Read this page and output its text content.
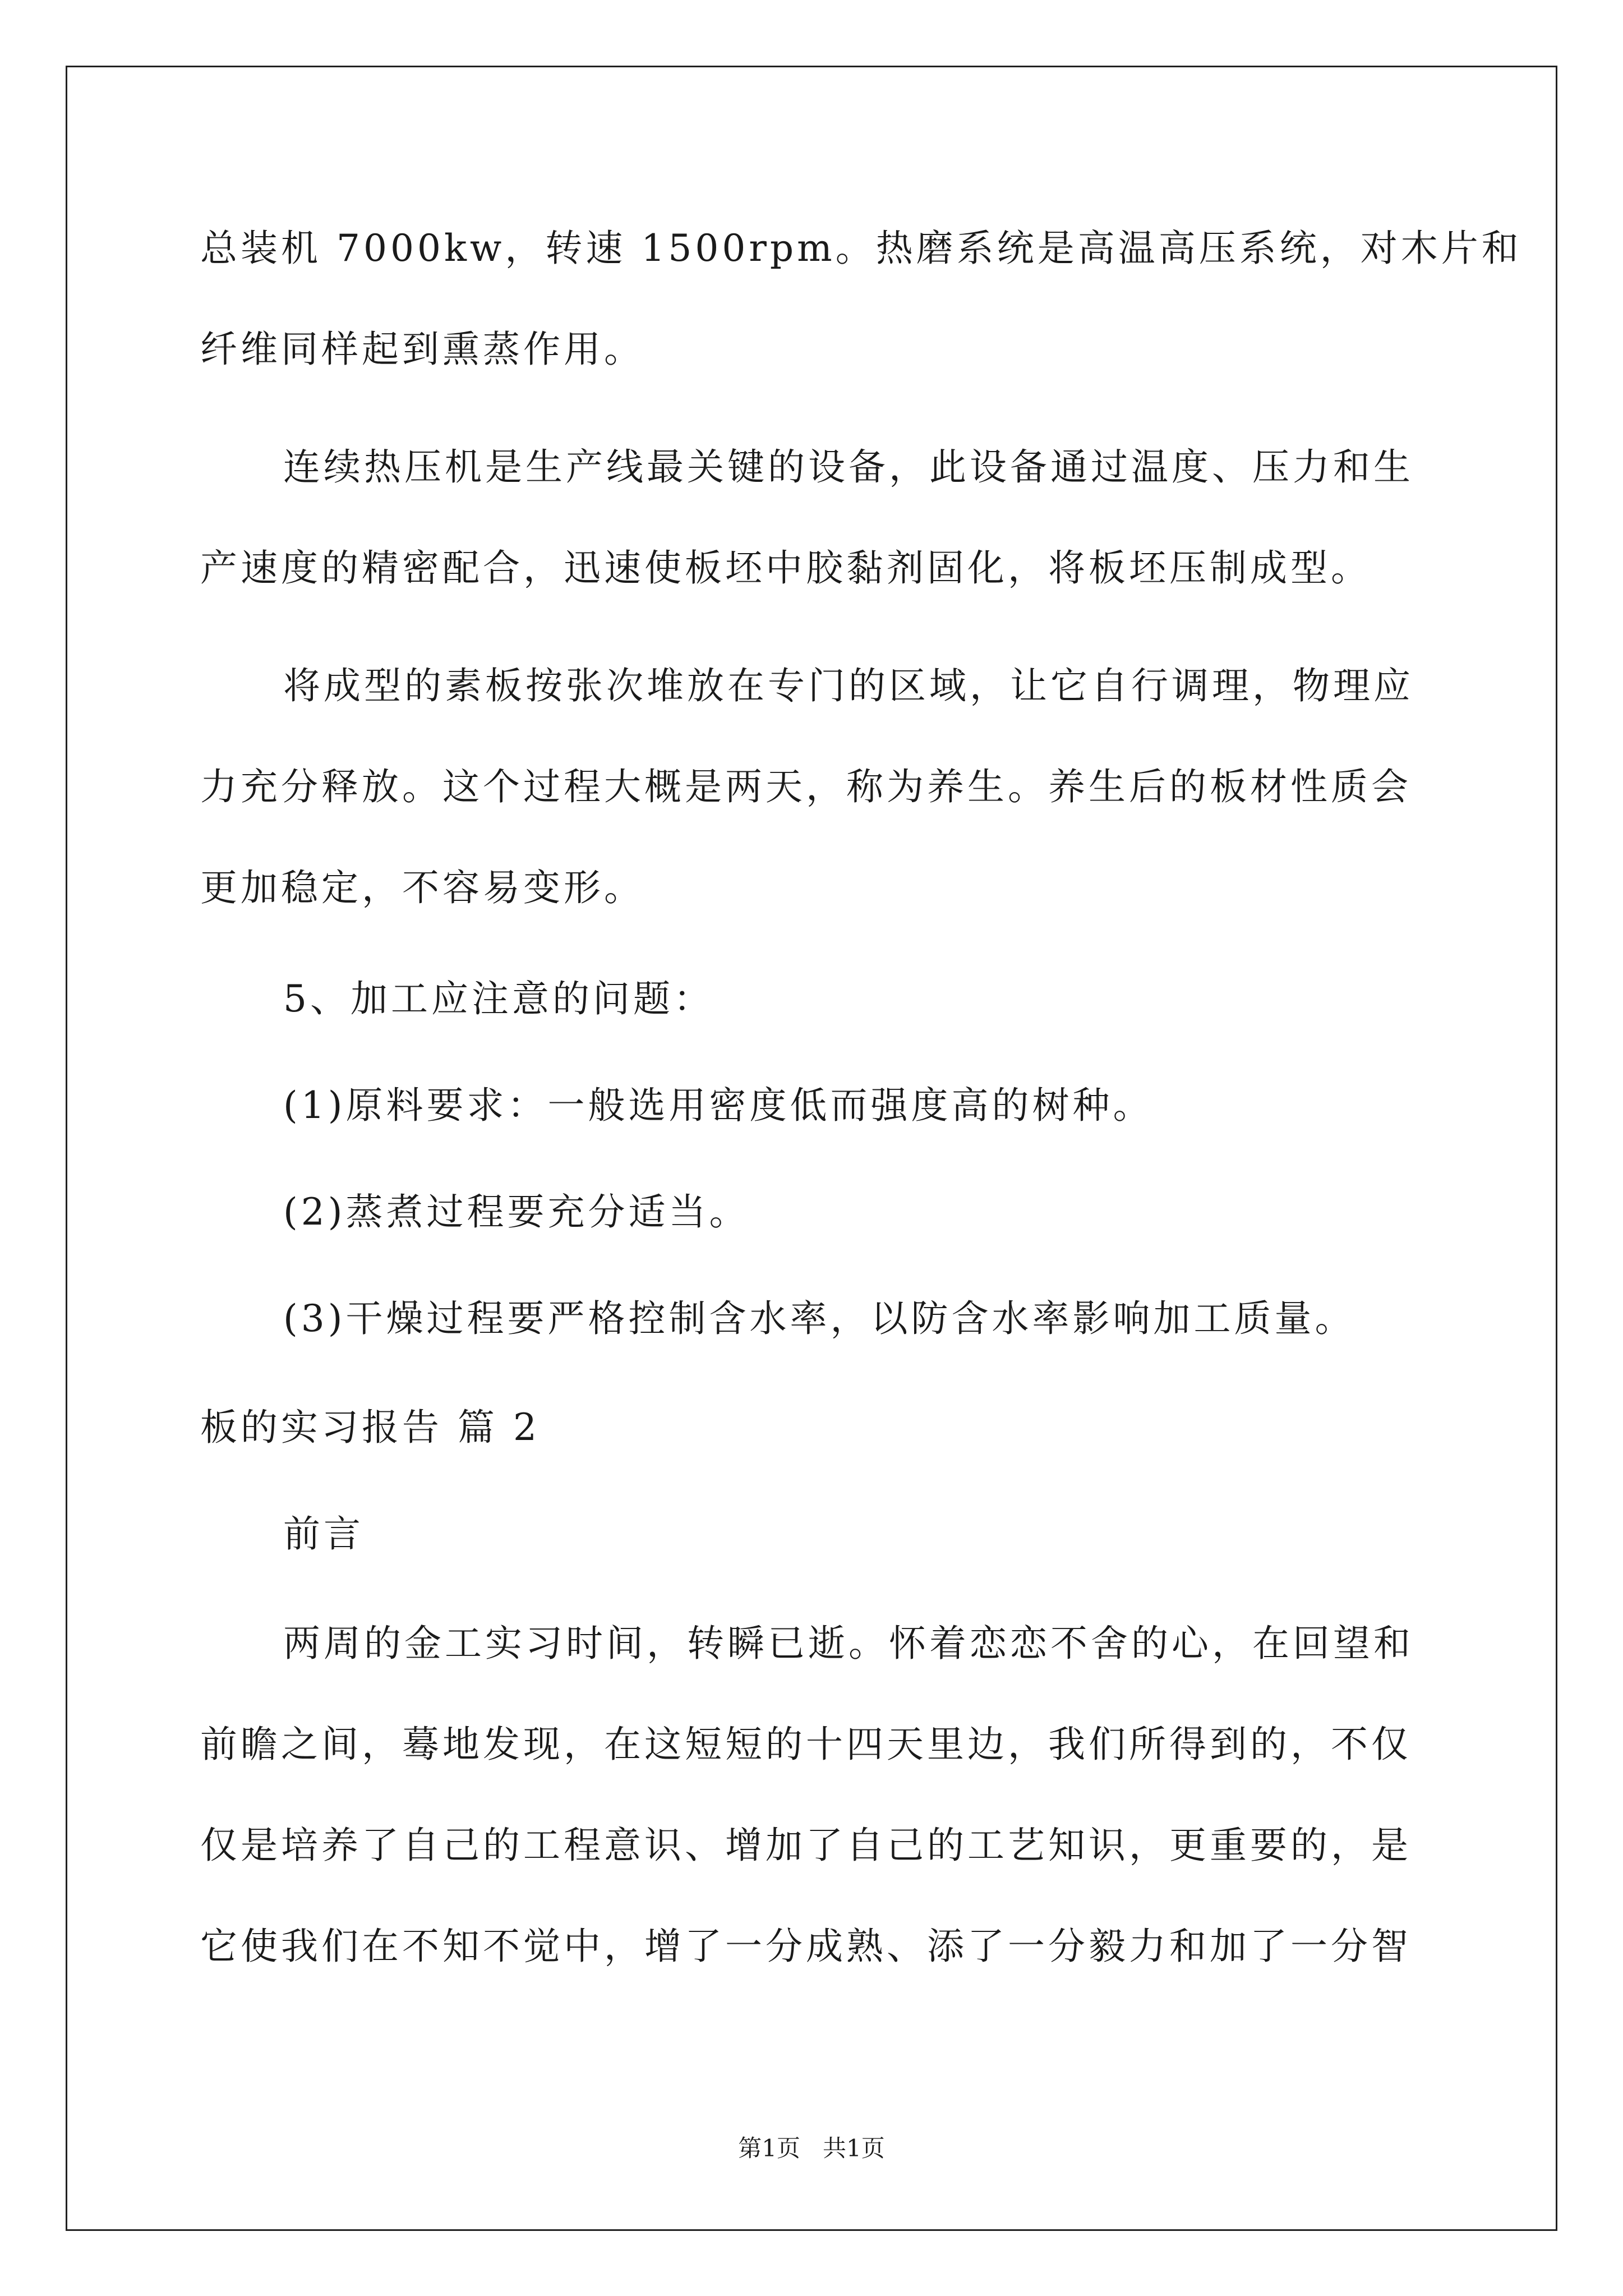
总装机 7000kw，转速 1500rpm。热磨系统是高温高压系统，对木片和
纤维同样起到熏蒸作用。
连续热压机是生产线最关键的设备，此设备通过温度、压力和生
产速度的精密配合，迅速使板坯中胶黏剂固化，将板坯压制成型。
将成型的素板按张次堆放在专门的区域，让它自行调理，物理应
力充分释放。这个过程大概是两天，称为养生。养生后的板材性质会
更加稳定，不容易变形。
5、加工应注意的问题：
(1)原料要求：一般选用密度低而强度高的树种。
(2)蒸煮过程要充分适当。
(3)干燥过程要严格控制含水率，以防含水率影响加工质量。
板的实习报告 篇 2
前言
两周的金工实习时间，转瞬已逝。怀着恋恋不舍的心，在回望和
前瞻之间，蓦地发现，在这短短的十四天里边，我们所得到的，不仅
仅是培养了自己的工程意识、增加了自己的工艺知识，更重要的，是
它使我们在不知不觉中，增了一分成熟、添了一分毅力和加了一分智
第1页   共1页
